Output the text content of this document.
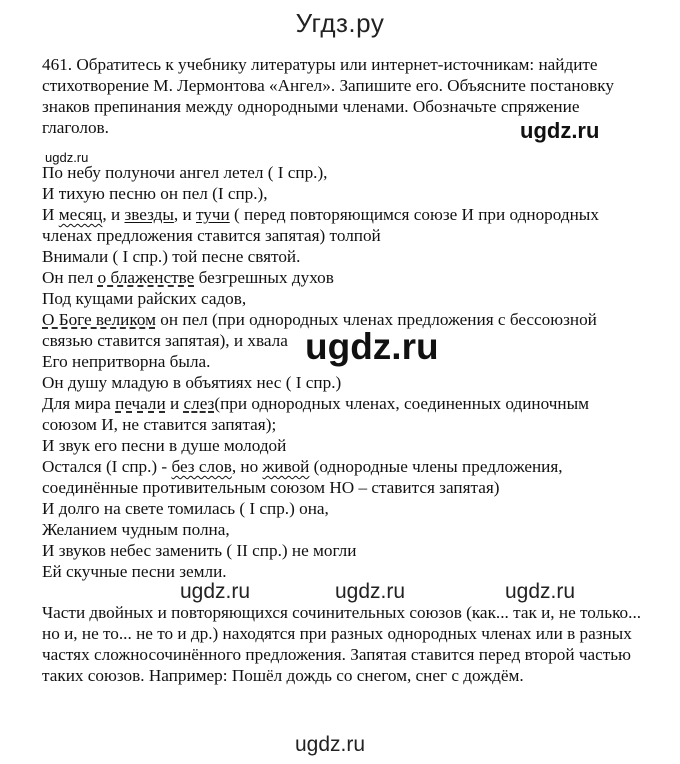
Угдз.ру
461. Обратитесь к учебнику литературы или интернет-источникам: найдите стихотворение М. Лермонтова «Ангел». Запишите его. Объясните постановку знаков препинания между однородными членами. Обозначьте спряжение глаголов.	ugdz.ru
ugdz.ru
По небу полуночи ангел летел ( I спр.),
И тихую песню он пел (I спр.),
И месяц, и звезды, и тучи ( перед повторяющимся союзе И при однородных
членах предложения ставится запятая) толпой
Внимали ( I спр.) той песне святой.
Он пел о блаженстве безгрешных духов
Под кущами райских садов,
О Боге великом он пел (при однородных членах предложения с бессоюзной
связью ставится запятая), и хвала
Его непритворна была.
Он душу младую в объятиях нес ( I спр.)
Для мира печали и слез(при однородных членах, соединенных одиночным
союзом И, не ставится запятая);
И звук его песни в душе молодой
Остался (I спр.) - без слов, но живой (однородные члены предложения,
соединённые противительным союзом НО – ставится запятая)
И долго на свете томилась ( I спр.) она,
Желанием чудным полна,
И звуков небес заменить ( II спр.) не могли
Ей скучные песни земли.
ugdz.ru
ugdz.ru	ugdz.ru	ugdz.ru
Части двойных и повторяющихся сочинительных союзов (как... так и, не только... но и, не то... не то и др.) находятся при разных однородных членах или в разных частях сложносочинённого предложения. Запятая ставится перед второй частью таких союзов. Например: Пошёл дождь со снегом, снег с дождём.
ugdz.ru
